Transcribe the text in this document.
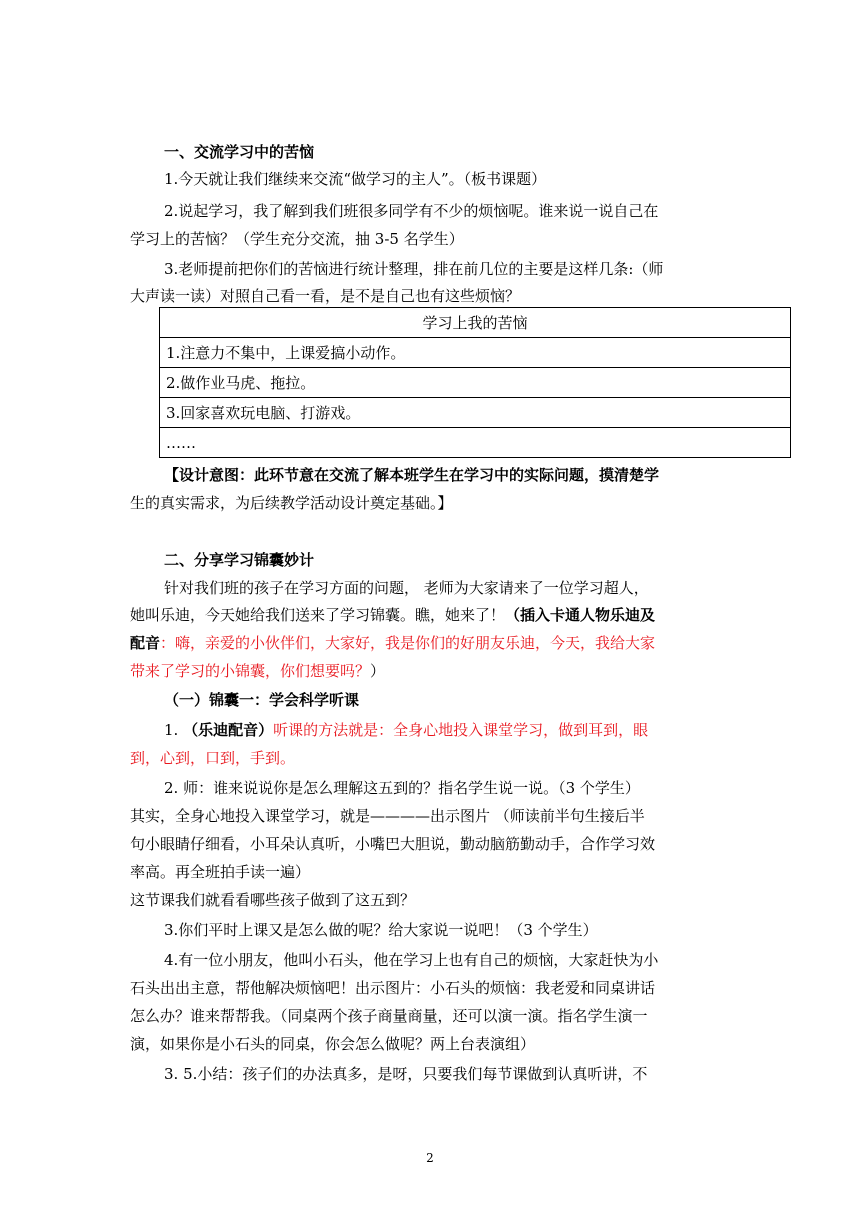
一、交流学习中的苦恼
1.今天就让我们继续来交流“做学习的主人”。（板书课题）
2.说起学习，我了解到我们班很多同学有不少的烦恼呢。谁来说一说自己在
学习上的苦恼？（学生充分交流，抽 3-5 名学生）
3.老师提前把你们的苦恼进行统计整理，排在前几位的主要是这样几条:（师
大声读一读）对照自己看一看，是不是自己也有这些烦恼？
学习上我的苦恼
1.注意力不集中，上课爱搞小动作。
2.做作业马虎、拖拉。
3.回家喜欢玩电脑、打游戏。
……
【设计意图：此环节意在交流了解本班学生在学习中的实际问题，摸清楚学
生的真实需求，为后续教学活动设计奠定基础。】
二、分享学习锦囊妙计
针对我们班的孩子在学习方面的问题， 老师为大家请来了一位学习超人，
她叫乐迪，今天她给我们送来了学习锦囊。瞧，她来了！（插入卡通人物乐迪及
配音：嗨，亲爱的小伙伴们，大家好，我是你们的好朋友乐迪，今天，我给大家
带来了学习的小锦囊，你们想要吗？）
（一）锦囊一：学会科学听课
1. （乐迪配音）听课的方法就是：全身心地投入课堂学习，做到耳到，眼
到，心到，口到，手到。
2. 师：谁来说说你是怎么理解这五到的？指名学生说一说。（3 个学生）
其实，全身心地投入课堂学习，就是————出示图片 （师读前半句生接后半
句小眼睛仔细看，小耳朵认真听，小嘴巴大胆说，勤动脑筋勤动手，合作学习效
率高。再全班拍手读一遍）
这节课我们就看看哪些孩子做到了这五到？
3.你们平时上课又是怎么做的呢？给大家说一说吧！（3 个学生）
4.有一位小朋友，他叫小石头，他在学习上也有自己的烦恼，大家赶快为小
石头出出主意，帮他解决烦恼吧！出示图片：小石头的烦恼：我老爱和同桌讲话
怎么办？谁来帮帮我。（同桌两个孩子商量商量，还可以演一演。指名学生演一
演，如果你是小石头的同桌，你会怎么做呢？两上台表演组）
3. 5.小结：孩子们的办法真多，是呀，只要我们每节课做到认真听讲，不
2
